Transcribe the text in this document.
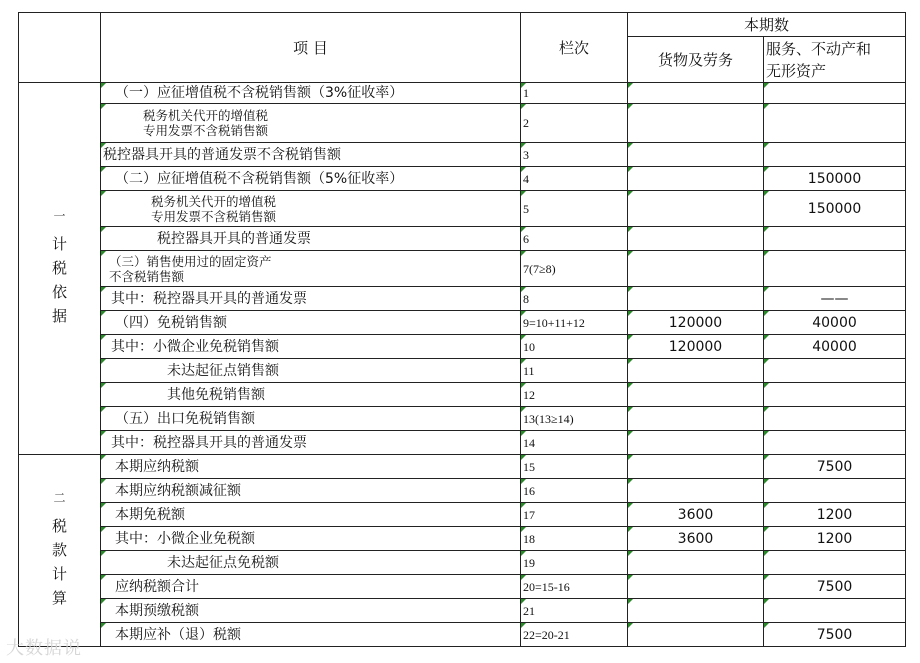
	项 目	栏次	本期数	
			货物及劳务	服务、不动产和
无形资产

一
计
税
依
据	（一）应征增值税不含税销售额（3%征收率）	1		
	税务机关代开的增值税
专用发票不含税销售额	2		
	税控器具开具的普通发票不含税销售额	3		
	（二）应征增值税不含税销售额（5%征收率）	4		150000
	税务机关代开的增值税
专用发票不含税销售额	5		150000
	税控器具开具的普通发票	6		
	（三）销售使用过的固定资产
不含税销售额	7(7≥8)		
	其中：税控器具开具的普通发票	8		——
	（四）免税销售额	9=10+11+12	120000	40000
	其中：小微企业免税销售额	10	120000	40000
	未达起征点销售额	11		
	其他免税销售额	12		
	（五）出口免税销售额	13(13≥14)		
	其中：税控器具开具的普通发票	14		

二
税
款
计
算	本期应纳税额	15		7500
	本期应纳税额减征额	16		
	本期免税额	17	3600	1200
	其中：小微企业免税额	18	3600	1200
	未达起征点免税额	19		
	应纳税额合计	20=15-16		7500
	本期预缴税额	21		
	本期应补（退）税额	22=20-21		7500
大数据说
